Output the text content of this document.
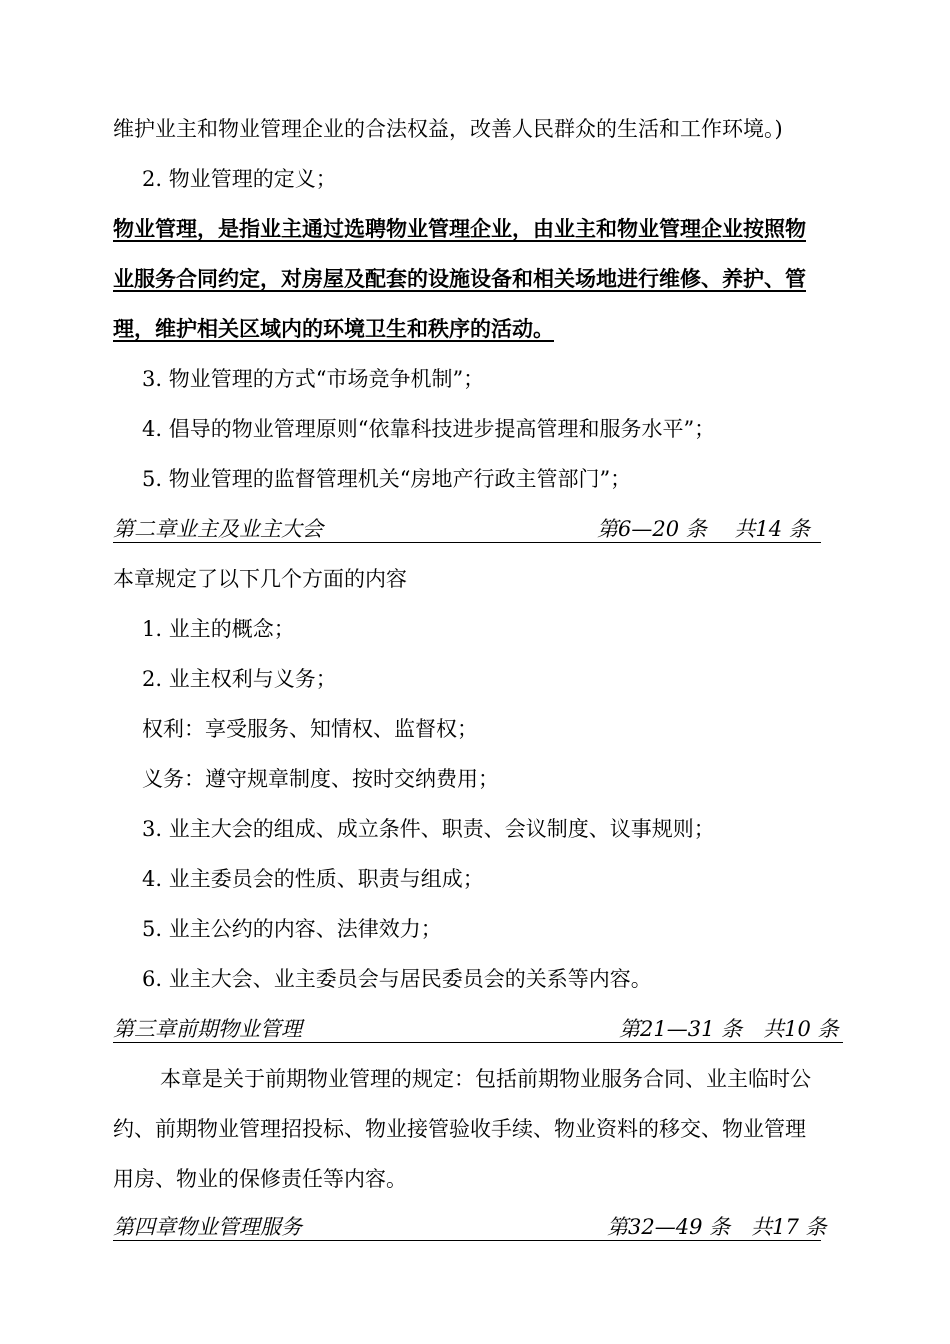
维护业主和物业管理企业的合法权益，改善人民群众的生活和工作环境。)
2. 物业管理的定义；
物业管理，是指业主通过选聘物业管理企业，由业主和物业管理企业按照物
业服务合同约定，对房屋及配套的设施设备和相关场地进行维修、养护、管
理，维护相关区域内的环境卫生和秩序的活动。
3. 物业管理的方式“市场竞争机制”；
4. 倡导的物业管理原则“依靠科技进步提高管理和服务水平”；
5. 物业管理的监督管理机关“房地产行政主管部门”；
第二章业主及业主大会	第6—20 条　 共14 条
本章规定了以下几个方面的内容
1. 业主的概念；
2. 业主权利与义务；
权利：享受服务、知情权、监督权；
义务：遵守规章制度、按时交纳费用；
3. 业主大会的组成、成立条件、职责、会议制度、议事规则；
4. 业主委员会的性质、职责与组成；
5. 业主公约的内容、法律效力；
6. 业主大会、业主委员会与居民委员会的关系等内容。
第三章前期物业管理	第21—31 条　共10 条
本章是关于前期物业管理的规定：包括前期物业服务合同、业主临时公
约、前期物业管理招投标、物业接管验收手续、物业资料的移交、物业管理
用房、物业的保修责任等内容。
第四章物业管理服务	第32—49 条　共17 条
